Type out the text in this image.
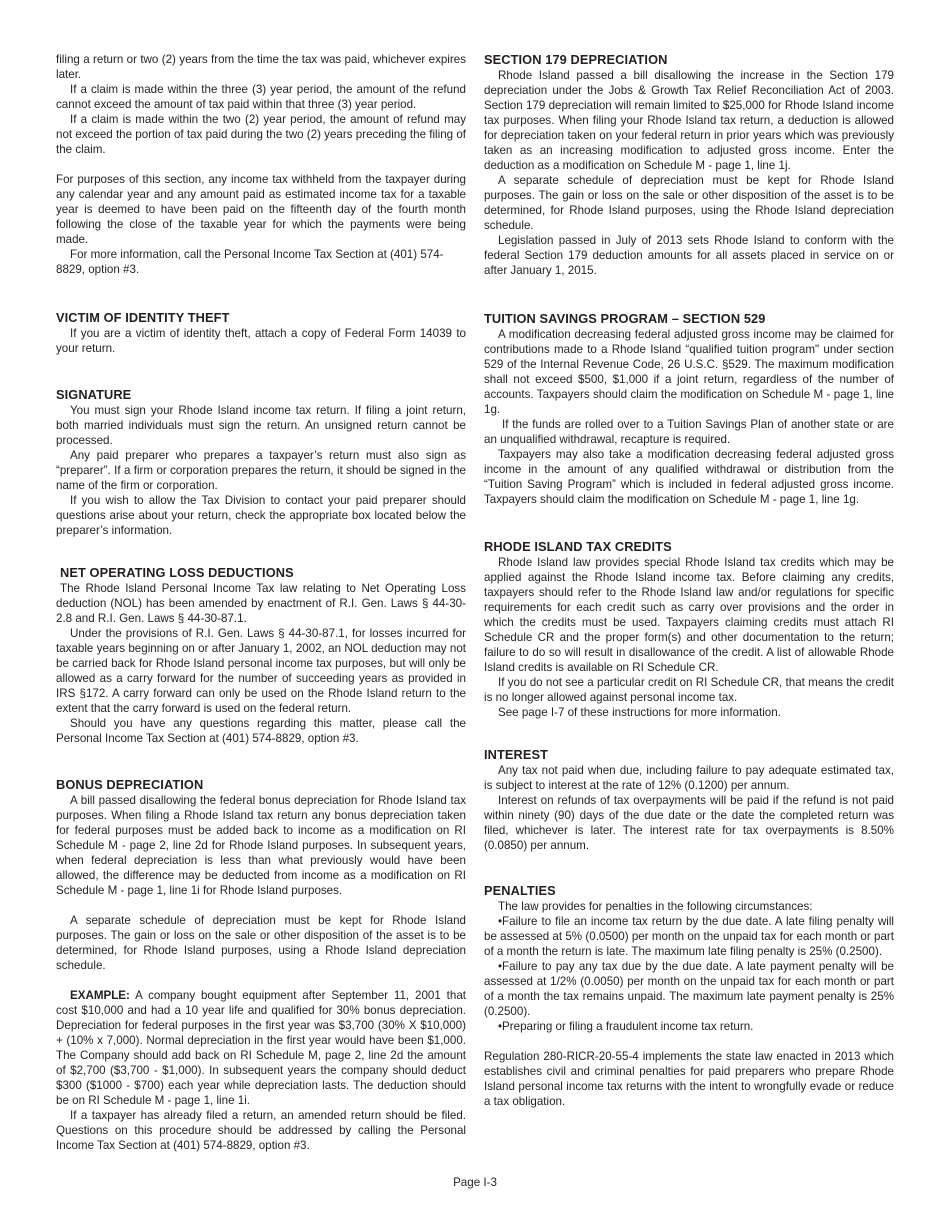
filing a return or two (2) years from the time the tax was paid, whichever expires later.

If a claim is made within the three (3) year period, the amount of the refund cannot exceed the amount of tax paid within that three (3) year period.

If a claim is made within the two (2) year period, the amount of refund may not exceed the portion of tax paid during the two (2) years preceding the filing of the claim.

For purposes of this section, any income tax withheld from the taxpayer during any calendar year and any amount paid as estimated income tax for a taxable year is deemed to have been paid on the fifteenth day of the fourth month following the close of the taxable year for which the payments were being made.

For more information, call the Personal Income Tax Section at (401) 574-8829, option #3.

VICTIM OF IDENTITY THEFT

If you are a victim of identity theft, attach a copy of Federal Form 14039 to your return.

SIGNATURE

You must sign your Rhode Island income tax return. If filing a joint return, both married individuals must sign the return. An unsigned return cannot be processed.

Any paid preparer who prepares a taxpayer’s return must also sign as “preparer”. If a firm or corporation prepares the return, it should be signed in the name of the firm or corporation.

If you wish to allow the Tax Division to contact your paid preparer should questions arise about your return, check the appropriate box located below the preparer’s information.

NET OPERATING LOSS DEDUCTIONS

The Rhode Island Personal Income Tax law relating to Net Operating Loss deduction (NOL) has been amended by enactment of R.I. Gen. Laws § 44-30-2.8 and R.I. Gen. Laws § 44-30-87.1.

Under the provisions of R.I. Gen. Laws § 44-30-87.1, for losses incurred for taxable years beginning on or after January 1, 2002, an NOL deduction may not be carried back for Rhode Island personal income tax purposes, but will only be allowed as a carry forward for the number of succeeding years as provided in IRS §172. A carry forward can only be used on the Rhode Island return to the extent that the carry forward is used on the federal return.

Should you have any questions regarding this matter, please call the Personal Income Tax Section at (401) 574-8829, option #3.

BONUS DEPRECIATION

A bill passed disallowing the federal bonus depreciation for Rhode Island tax purposes. When filing a Rhode Island tax return any bonus depreciation taken for federal purposes must be added back to income as a modification on RI Schedule M - page 2, line 2d for Rhode Island purposes. In subsequent years, when federal depreciation is less than what previously would have been allowed, the difference may be deducted from income as a modification on RI Schedule M - page 1, line 1i for Rhode Island purposes.

A separate schedule of depreciation must be kept for Rhode Island purposes. The gain or loss on the sale or other disposition of the asset is to be determined, for Rhode Island purposes, using a Rhode Island depreciation schedule.

EXAMPLE: A company bought equipment after September 11, 2001 that cost $10,000 and had a 10 year life and qualified for 30% bonus depreciation. Depreciation for federal purposes in the first year was $3,700 (30% X $10,000) + (10% x 7,000). Normal depreciation in the first year would have been $1,000. The Company should add back on RI Schedule M, page 2, line 2d the amount of $2,700 ($3,700 - $1,000). In subsequent years the company should deduct $300 ($1000 - $700) each year while depreciation lasts. The deduction should be on RI Schedule M - page 1, line 1i.

If a taxpayer has already filed a return, an amended return should be filed. Questions on this procedure should be addressed by calling the Personal Income Tax Section at (401) 574-8829, option #3.

SECTION 179 DEPRECIATION

Rhode Island passed a bill disallowing the increase in the Section 179 depreciation under the Jobs & Growth Tax Relief Reconciliation Act of 2003. Section 179 depreciation will remain limited to $25,000 for Rhode Island income tax purposes. When filing your Rhode Island tax return, a deduction is allowed for depreciation taken on your federal return in prior years which was previously taken as an increasing modification to adjusted gross income. Enter the deduction as a modification on Schedule M - page 1, line 1j.

A separate schedule of depreciation must be kept for Rhode Island purposes. The gain or loss on the sale or other disposition of the asset is to be determined, for Rhode Island purposes, using the Rhode Island depreciation schedule.

Legislation passed in July of 2013 sets Rhode Island to conform with the federal Section 179 deduction amounts for all assets placed in service on or after January 1, 2015.

TUITION SAVINGS PROGRAM – SECTION 529

A modification decreasing federal adjusted gross income may be claimed for contributions made to a Rhode Island “qualified tuition program" under section 529 of the Internal Revenue Code, 26 U.S.C. §529. The maximum modification shall not exceed $500, $1,000 if a joint return, regardless of the number of accounts. Taxpayers should claim the modification on Schedule M - page 1, line 1g.

If the funds are rolled over to a Tuition Savings Plan of another state or are an unqualified withdrawal, recapture is required.

Taxpayers may also take a modification decreasing federal adjusted gross income in the amount of any qualified withdrawal or distribution from the “Tuition Saving Program” which is included in federal adjusted gross income. Taxpayers should claim the modification on Schedule M - page 1, line 1g.

RHODE ISLAND TAX CREDITS

Rhode Island law provides special Rhode Island tax credits which may be applied against the Rhode Island income tax. Before claiming any credits, taxpayers should refer to the Rhode Island law and/or regulations for specific requirements for each credit such as carry over provisions and the order in which the credits must be used. Taxpayers claiming credits must attach RI Schedule CR and the proper form(s) and other documentation to the return; failure to do so will result in disallowance of the credit. A list of allowable Rhode Island credits is available on RI Schedule CR.

If you do not see a particular credit on RI Schedule CR, that means the credit is no longer allowed against personal income tax.

See page I-7 of these instructions for more information.

INTEREST

Any tax not paid when due, including failure to pay adequate estimated tax, is subject to interest at the rate of 12% (0.1200) per annum.

Interest on refunds of tax overpayments will be paid if the refund is not paid within ninety (90) days of the due date or the date the completed return was filed, whichever is later. The interest rate for tax overpayments is 8.50% (0.0850) per annum.

PENALTIES

The law provides for penalties in the following circumstances:

•Failure to file an income tax return by the due date. A late filing penalty will be assessed at 5% (0.0500) per month on the unpaid tax for each month or part of a month the return is late. The maximum late filing penalty is 25% (0.2500).

•Failure to pay any tax due by the due date. A late payment penalty will be assessed at 1/2% (0.0050) per month on the unpaid tax for each month or part of a month the tax remains unpaid. The maximum late payment penalty is 25% (0.2500).

•Preparing or filing a fraudulent income tax return.

Regulation 280-RICR-20-55-4 implements the state law enacted in 2013 which establishes civil and criminal penalties for paid preparers who prepare Rhode Island personal income tax returns with the intent to wrongfully evade or reduce a tax obligation.

Page I-3
